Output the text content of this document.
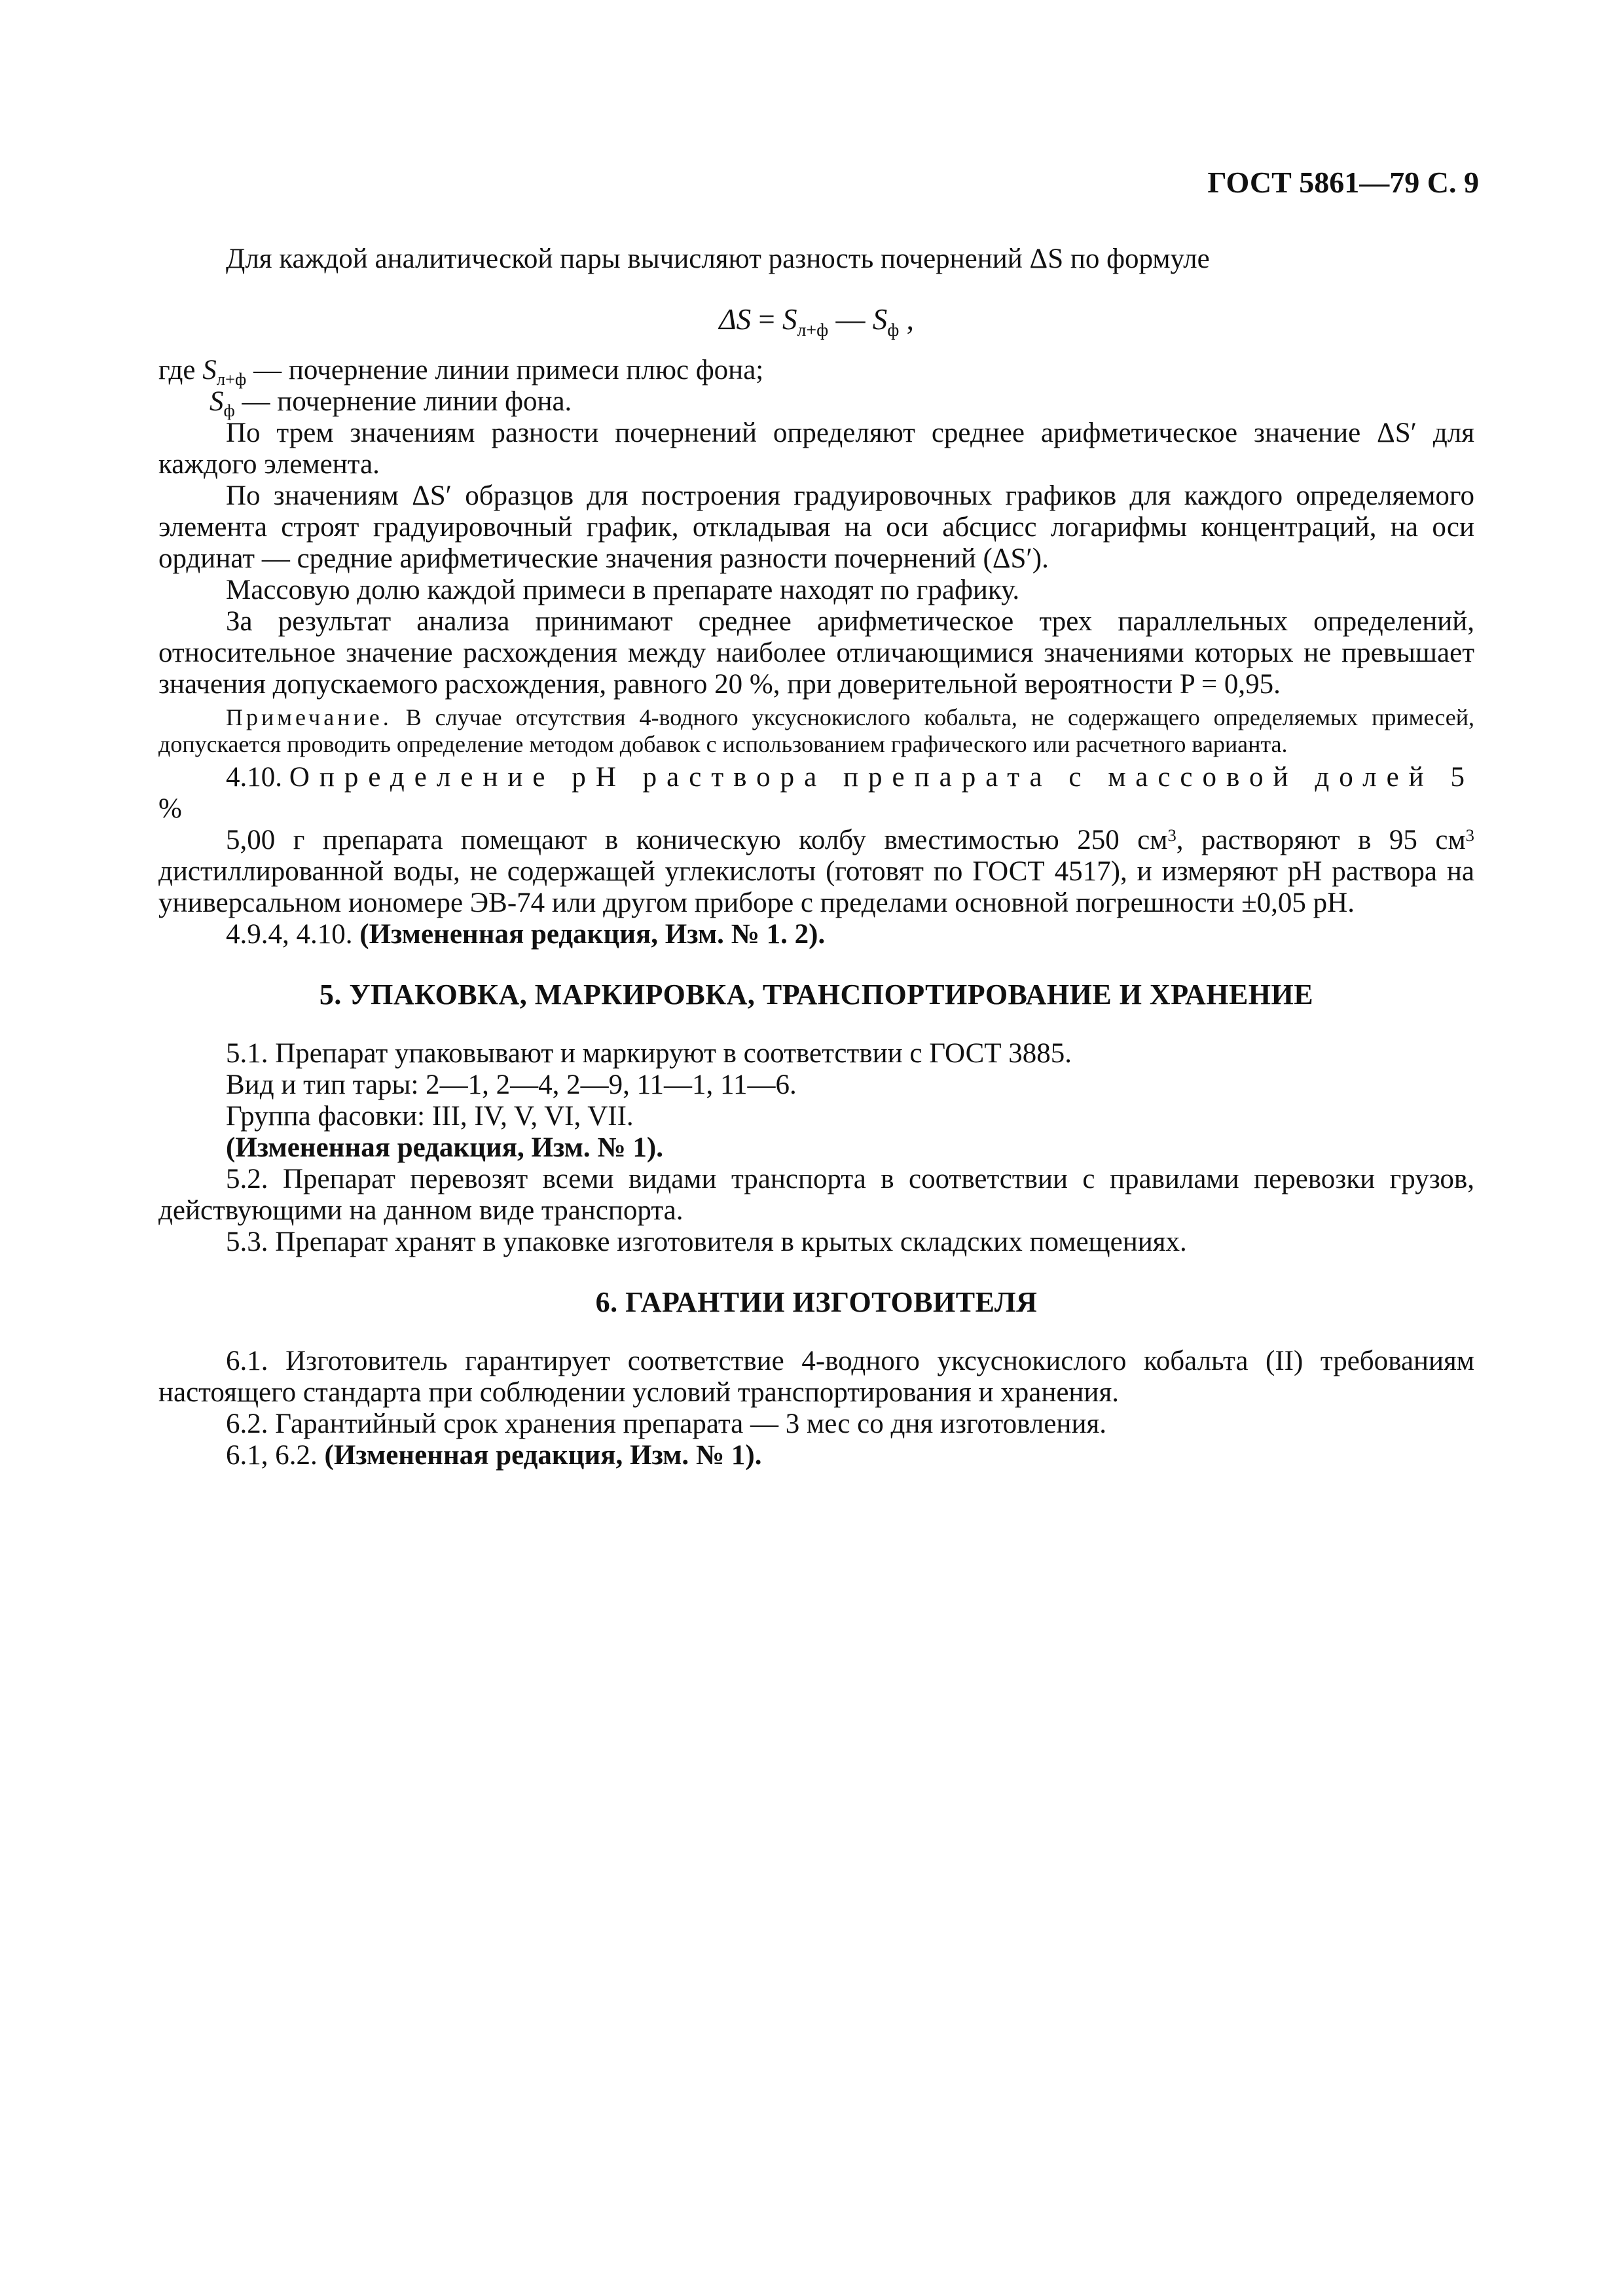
ГОСТ 5861—79 С. 9

Для каждой аналитической пары вычисляют разность почернений ΔS по формуле

$\Delta S = S_{л+ф}$ — $S_ф$ ,

где $S_{л+ф}$ — почернение линии примеси плюс фона;

$S_ф$ — почернение линии фона.

По трем значениям разности почернений определяют среднее арифметическое значение ΔS′ для каждого элемента.

По значениям ΔS′ образцов для построения градуировочных графиков для каждого определяемого элемента строят градуировочный график, откладывая на оси абсцисс логарифмы концентраций, на оси ординат — средние арифметические значения разности почернений (ΔS′).

Массовую долю каждой примеси в препарате находят по графику.

За результат анализа принимают среднее арифметическое трех параллельных определений, относительное значение расхождения между наиболее отличающимися значениями которых не превышает значения допускаемого расхождения, равного 20 %, при доверительной вероятности P = 0,95.

Примечание. В случае отсутствия 4-водного уксуснокислого кобальта, не содержащего определяемых примесей, допускается проводить определение методом добавок с использованием графического или расчетного варианта.

4.10. Определение pH раствора препарата с массовой долей 5 %

5,00 г препарата помещают в коническую колбу вместимостью 250 $см^3$, растворяют в 95 $см^3$ дистиллированной воды, не содержащей углекислоты (готовят по ГОСТ 4517), и измеряют pH раствора на универсальном иономере ЭВ-74 или другом приборе с пределами основной погрешности ±0,05 pH.

4.9.4, 4.10. (Измененная редакция, Изм. № 1. 2).

5. УПАКОВКА, МАРКИРОВКА, ТРАНСПОРТИРОВАНИЕ И ХРАНЕНИЕ

5.1. Препарат упаковывают и маркируют в соответствии с ГОСТ 3885.

Вид и тип тары: 2—1, 2—4, 2—9, 11—1, 11—6.

Группа фасовки: III, IV, V, VI, VII.

(Измененная редакция, Изм. № 1).

5.2. Препарат перевозят всеми видами транспорта в соответствии с правилами перевозки грузов, действующими на данном виде транспорта.

5.3. Препарат хранят в упаковке изготовителя в крытых складских помещениях.

6. ГАРАНТИИ ИЗГОТОВИТЕЛЯ

6.1. Изготовитель гарантирует соответствие 4-водного уксуснокислого кобальта (II) требованиям настоящего стандарта при соблюдении условий транспортирования и хранения.

6.2. Гарантийный срок хранения препарата — 3 мес со дня изготовления.

6.1, 6.2. (Измененная редакция, Изм. № 1).
